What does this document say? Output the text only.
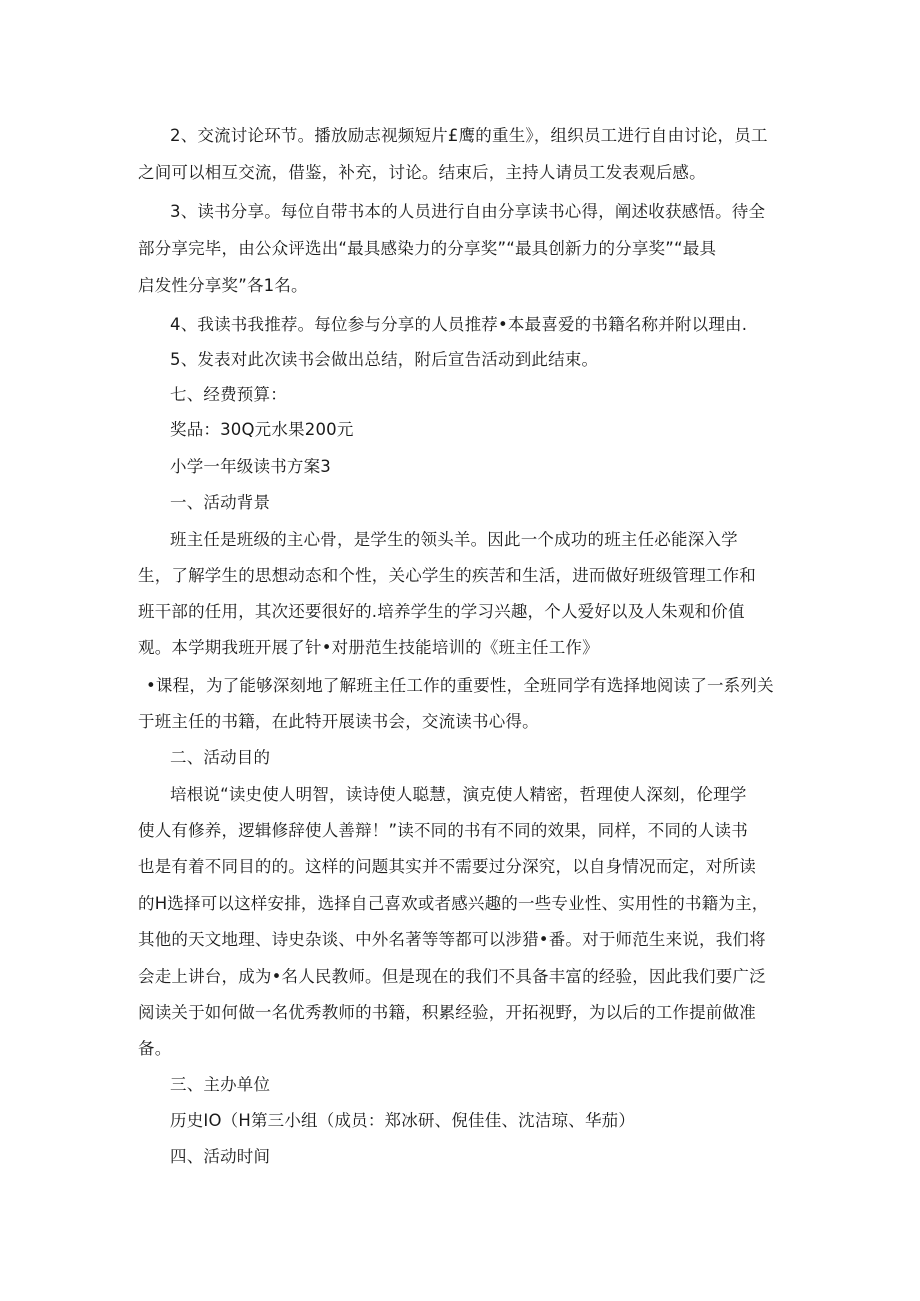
2、交流讨论环节。播放励志视频短片£鹰的重生》，组织员工进行自由讨论，员工
之间可以相互交流，借鉴，补充，讨论。结束后，主持人请员工发表观后感。
3、读书分享。每位自带书本的人员进行自由分享读书心得，阐述收获感悟。待全
部分享完毕，由公众评选出“最具感染力的分享奖”“最具创新力的分享奖”“最具
启发性分享奖”各1名。
4、我读书我推荐。每位参与分享的人员推荐•本最喜爱的书籍名称并附以理由.
5、发表对此次读书会做出总结，附后宣告活动到此结束。
七、经费预算：
奖品：30Q元水果200元
小学一年级读书方案3
一、活动背景
班主任是班级的主心骨，是学生的领头羊。因此一个成功的班主任必能深入学
生，了解学生的思想动态和个性，关心学生的疾苦和生活，进而做好班级管理工作和
班干部的任用，其次还要很好的.培养学生的学习兴趣，个人爱好以及人朱观和价值
观。本学期我班开展了针•对册范生技能培训的《班主任工作》
•课程，为了能够深刻地了解班主任工作的重要性，全班同学有选择地阅读了一系列关
于班主任的书籍，在此特开展读书会，交流读书心得。
二、活动目的
培根说“读史使人明智，读诗使人聪慧，演克使人精密，哲理使人深刻，伦理学
使人有修养，逻辑修辞使人善辩！”读不同的书有不同的效果，同样，不同的人读书
也是有着不同目的的。这样的问题其实并不需要过分深究，以自身情况而定，对所读
的H选择可以这样安排，选择自己喜欢或者感兴趣的一些专业性、实用性的书籍为主，
其他的天文地理、诗史杂谈、中外名著等等都可以涉猎•番。对于师范生来说，我们将
会走上讲台，成为•名人民教师。但是现在的我们不具备丰富的经验，因此我们要广泛
阅读关于如何做一名优秀教师的书籍，积累经验，开拓视野，为以后的工作提前做准
备。
三、主办单位
历史IO（H第三小组（成员：郑冰研、倪佳佳、沈洁琼、华茄）
四、活动时间
